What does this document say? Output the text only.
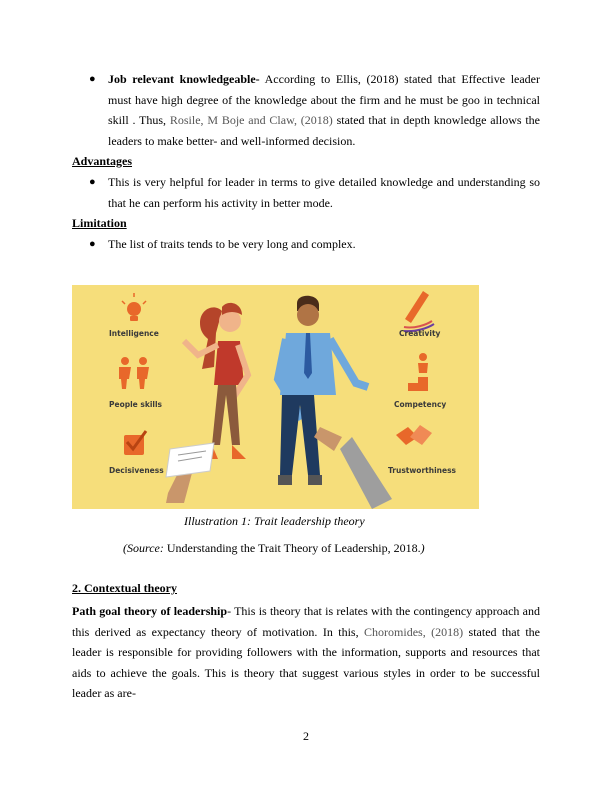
● Job relevant knowledgeable- According to Ellis, (2018) stated that Effective leader must have high degree of the knowledge about the firm and he must be goo in technical skill . Thus, Rosile, M Boje and Claw, (2018) stated that in depth knowledge allows the leaders to make better- and well-informed decision.
Advantages
● This is very helpful for leader in terms to give detailed knowledge and understanding so that he can perform his activity in better mode.
Limitation
● The list of traits tends to be very long and complex.
Intelligence
People skills
Decisiveness
Creativity
Competency
Trustworthiness
Illustration 1: Trait leadership theory
(Source: Understanding the Trait Theory of Leadership, 2018.)
2. Contextual theory
Path goal theory of leadership- This is theory that is relates with the contingency approach and this derived as expectancy theory of motivation. In this, Choromides, (2018) stated that the leader is responsible for providing followers with the information, supports and resources that aids to achieve the goals. This is theory that suggest various styles in order to be successful leader as are-
2
